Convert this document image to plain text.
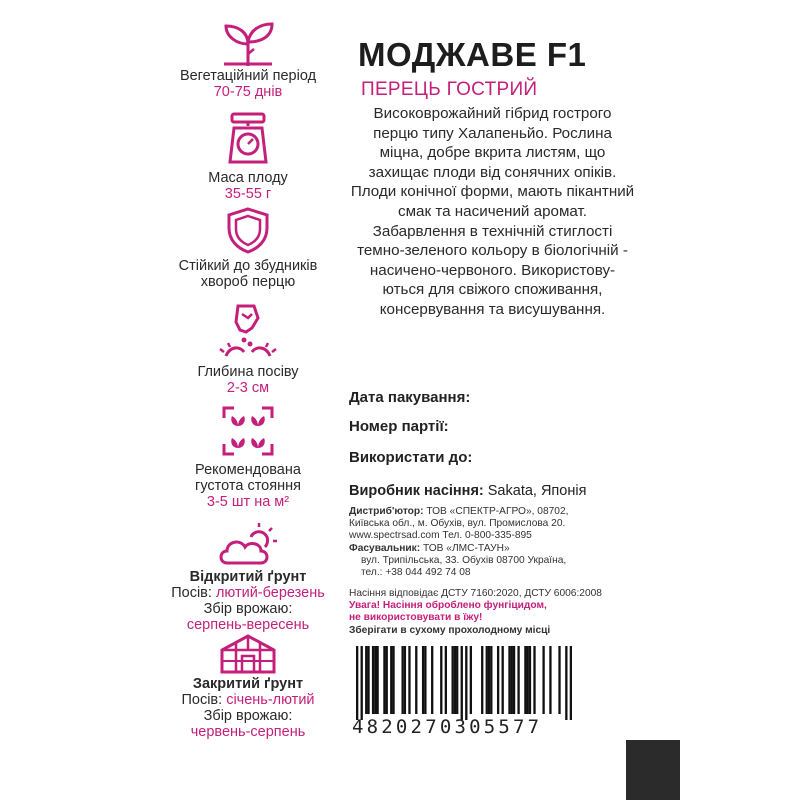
Вегетаційний період
70-75 днів
Маса плоду
35-55 г
Стійкий до збудників
хвороб перцю
Глибина посіву
2-3 см
Рекомендована
густота стояння
3-5 шт на м²
Відкритий ґрунт
Посів: лютий-березень
Збір врожаю:
серпень-вересень
Закритий ґрунт
Посів: січень-лютий
Збір врожаю:
червень-серпень
МОДЖАВЕ F1
ПЕРЕЦЬ ГОСТРИЙ
Високоврожайний гібрид гострого перцю типу Халапеньйо. Рослина міцна, добре вкрита листям, що захищає плоди від сонячних опіків. Плоди конічної форми, мають пікантний смак та насичений аромат. Забарвлення в технічній стиглості темно-зеленого кольору в біологічній - насичено-червоного. Використову-ються для свіжого споживання, консервування та висушування.
Дата пакування:
Номер партії:
Використати до:
Виробник насіння: Sakata, Японія
Дистриб'ютор: ТОВ «СПЕКТР-АГРО», 08702,
Київська обл., м. Обухів, вул. Промислова 20.
www.spectrsad.com Тел. 0-800-335-895
Фасувальник: ТОВ «ЛМС-ТАУН»
вул. Трипільська, 33. Обухів 08700 Україна,
тел.: +38 044 492 74 08
Насіння відповідає ДСТУ 7160:2020, ДСТУ 6006:2008
Увага! Насіння оброблено фунгіцидом,
не використовувати в їжу!
Зберігати в сухому прохолодному місці
4820270305577
